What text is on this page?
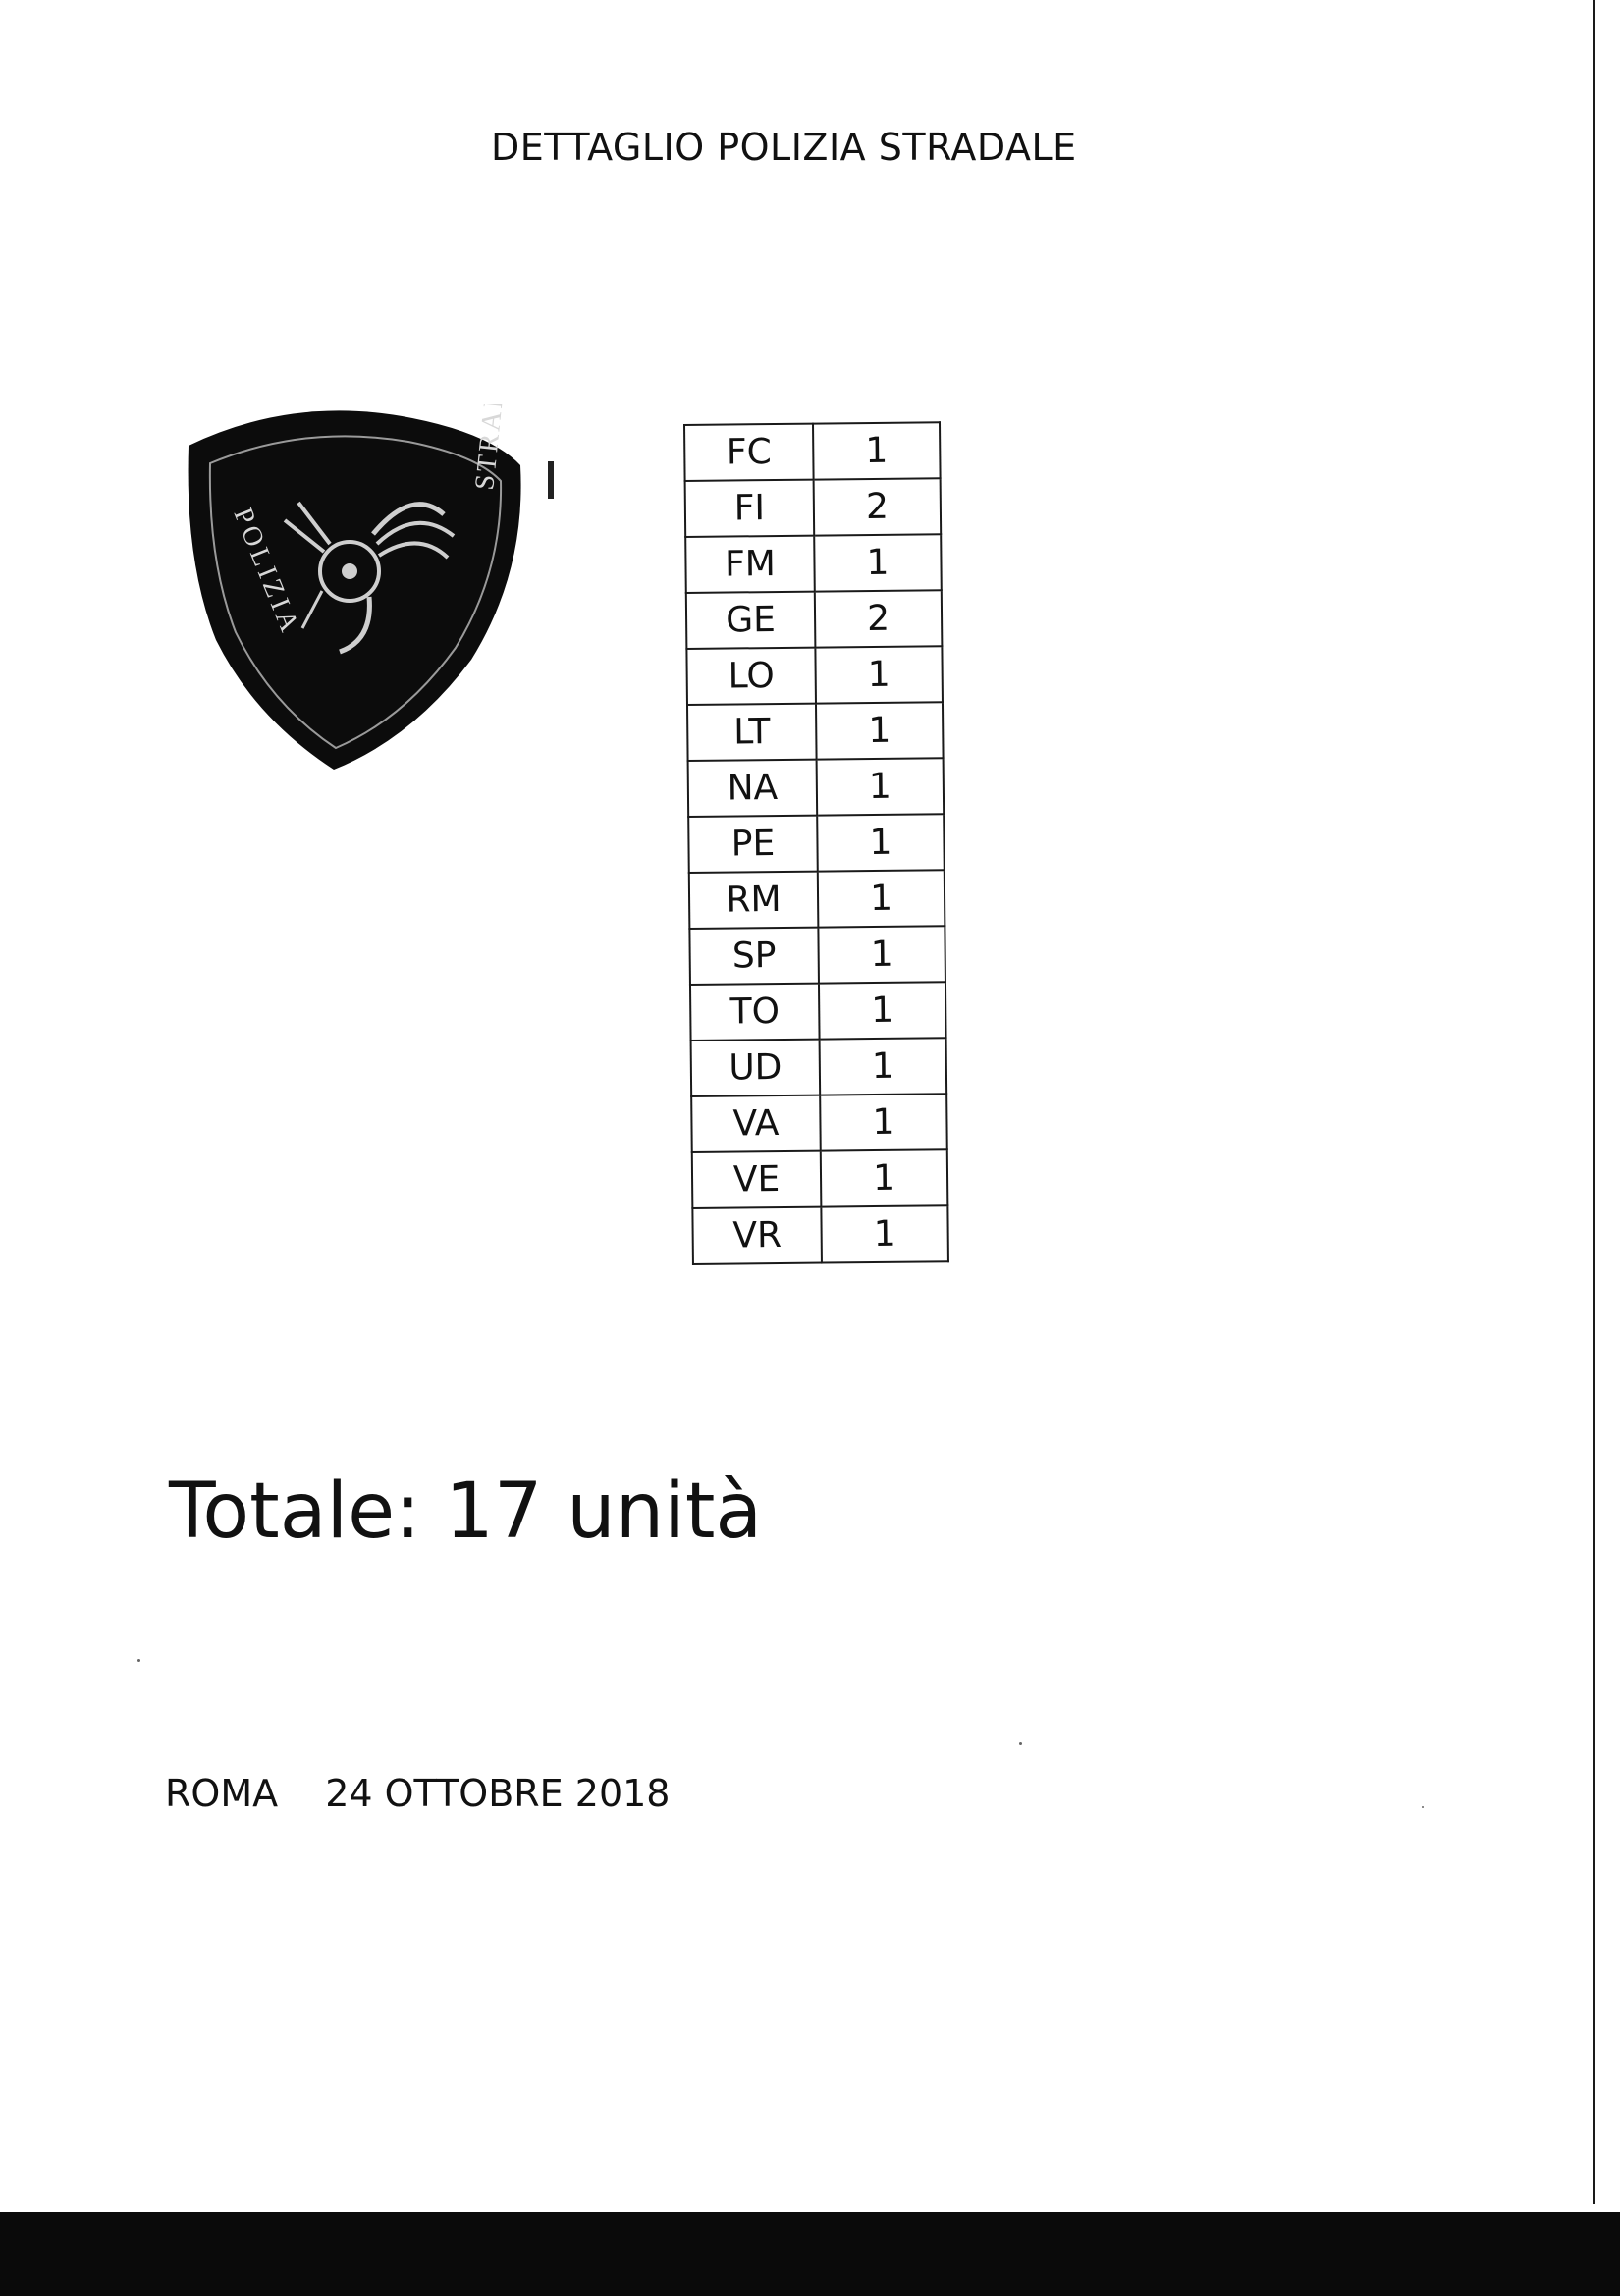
DETTAGLIO POLIZIA STRADALE
POLIZIA
STRADALE	FC	1
FI	2
FM	1
GE	2
LO	1
LT	1
NA	1
PE	1
RM	1
SP	1
TO	1
UD	1
VA	1
VE	1
VR	1
Totale: 17 unità
ROMA 24 OTTOBRE 2018
